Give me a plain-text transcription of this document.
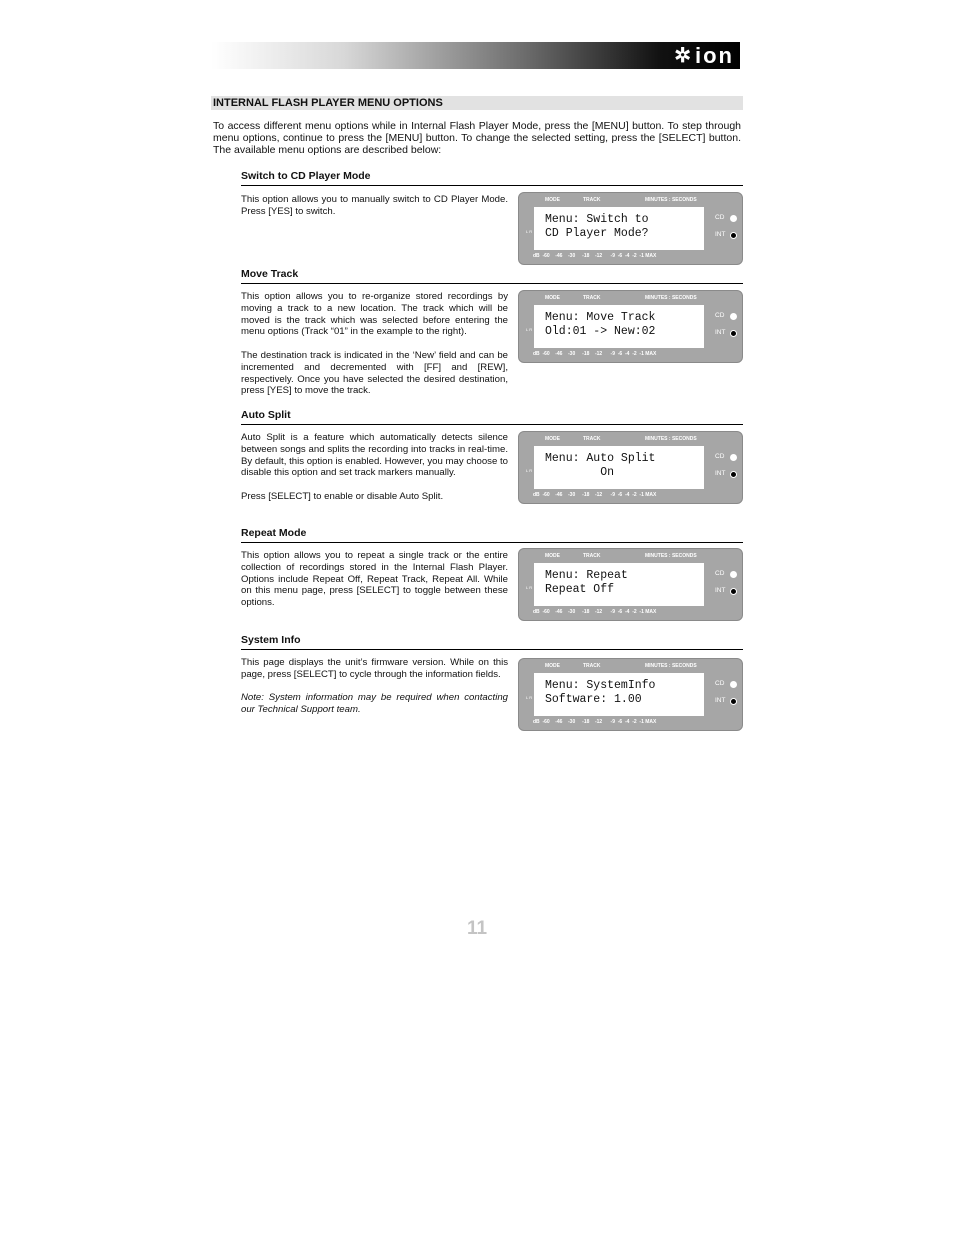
✲ ion
INTERNAL FLASH PLAYER MENU OPTIONS

To access different menu options while in Internal Flash Player Mode, press the [MENU] button. To step through menu options, continue to press the [MENU] button. To change the selected setting, press the [SELECT] button. The available menu options are described below:

Switch to CD Player Mode

This option allows you to manually switch to CD Player Mode. Press [YES] to switch.

MODE	TRACK	MINUTES : SECONDS
L R
Menu: Switch to
CD Player Mode?
CD
INT
dB  -60    -46    -30     -18    -12      -9  -6  -4  -2  -1 MAX
Move Track

This option allows you to re-organize stored recordings by moving a track to a new location. The track which will be moved is the track which was selected before entering the menu options (Track “01” in the example to the right).

The destination track is indicated in the ‘New’ field and can be incremented and decremented with [FF] and [REW], respectively. Once you have selected the desired destination, press [YES] to move the track.

MODE	TRACK	MINUTES : SECONDS
L R
Menu: Move Track
Old:01 -> New:02
CD
INT
dB  -60    -46    -30     -18    -12      -9  -6  -4  -2  -1 MAX
Auto Split

Auto Split is a feature which automatically detects silence between songs and splits the recording into tracks in real-time. By default, this option is enabled. However, you may choose to disable this option and set track markers manually.

Press [SELECT] to enable or disable Auto Split.

MODE	TRACK	MINUTES : SECONDS
L R
Menu: Auto Split
On
CD
INT
dB  -60    -46    -30     -18    -12      -9  -6  -4  -2  -1 MAX
Repeat Mode

This option allows you to repeat a single track or the entire collection of recordings stored in the Internal Flash Player. Options include Repeat Off, Repeat Track, Repeat All. While on this menu page, press [SELECT] to toggle between these options.

MODE	TRACK	MINUTES : SECONDS
L R
Menu: Repeat
Repeat Off
CD
INT
dB  -60    -46    -30     -18    -12      -9  -6  -4  -2  -1 MAX
System Info

This page displays the unit’s firmware version. While on this page, press [SELECT] to cycle through the information fields.

Note: System information may be required when contacting our Technical Support team.

MODE	TRACK	MINUTES : SECONDS
L R
Menu: SystemInfo
Software: 1.00
CD
INT
dB  -60    -46    -30     -18    -12      -9  -6  -4  -2  -1 MAX
11
